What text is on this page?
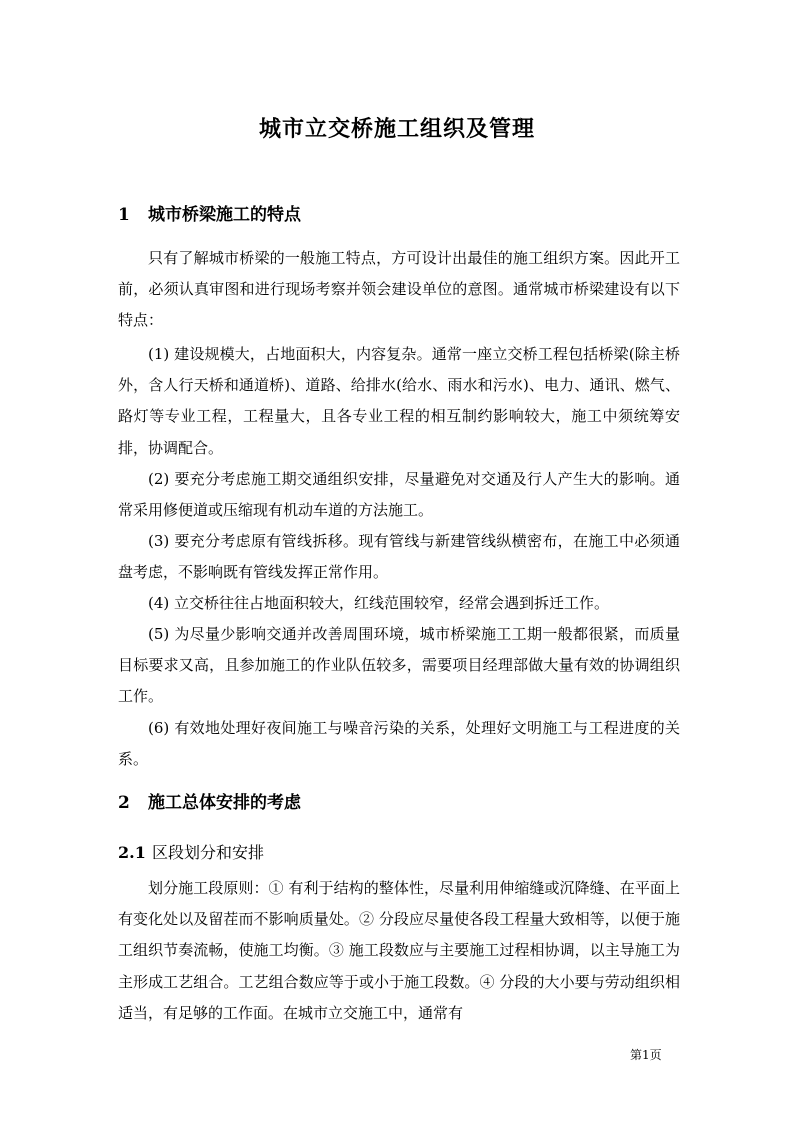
城市立交桥施工组织及管理
1 城市桥梁施工的特点
只有了解城市桥梁的一般施工特点，方可设计出最佳的施工组织方案。因此开工前，必须认真审图和进行现场考察并领会建设单位的意图。通常城市桥梁建设有以下特点：
(1) 建设规模大，占地面积大，内容复杂。通常一座立交桥工程包括桥梁(除主桥外，含人行天桥和通道桥)、道路、给排水(给水、雨水和污水)、电力、通讯、燃气、路灯等专业工程，工程量大，且各专业工程的相互制约影响较大，施工中须统筹安排，协调配合。
(2) 要充分考虑施工期交通组织安排，尽量避免对交通及行人产生大的影响。通常采用修便道或压缩现有机动车道的方法施工。
(3) 要充分考虑原有管线拆移。现有管线与新建管线纵横密布，在施工中必须通盘考虑，不影响既有管线发挥正常作用。
(4) 立交桥往往占地面积较大，红线范围较窄，经常会遇到拆迁工作。
(5) 为尽量少影响交通并改善周围环境，城市桥梁施工工期一般都很紧，而质量目标要求又高，且参加施工的作业队伍较多，需要项目经理部做大量有效的协调组织工作。
(6) 有效地处理好夜间施工与噪音污染的关系，处理好文明施工与工程进度的关系。
2 施工总体安排的考虑
2.1 区段划分和安排
划分施工段原则：① 有利于结构的整体性，尽量利用伸缩缝或沉降缝、在平面上有变化处以及留茬而不影响质量处。② 分段应尽量使各段工程量大致相等，以便于施工组织节奏流畅，使施工均衡。③ 施工段数应与主要施工过程相协调，以主导施工为主形成工艺组合。工艺组合数应等于或小于施工段数。④ 分段的大小要与劳动组织相适当，有足够的工作面。在城市立交施工中，通常有
第1页
